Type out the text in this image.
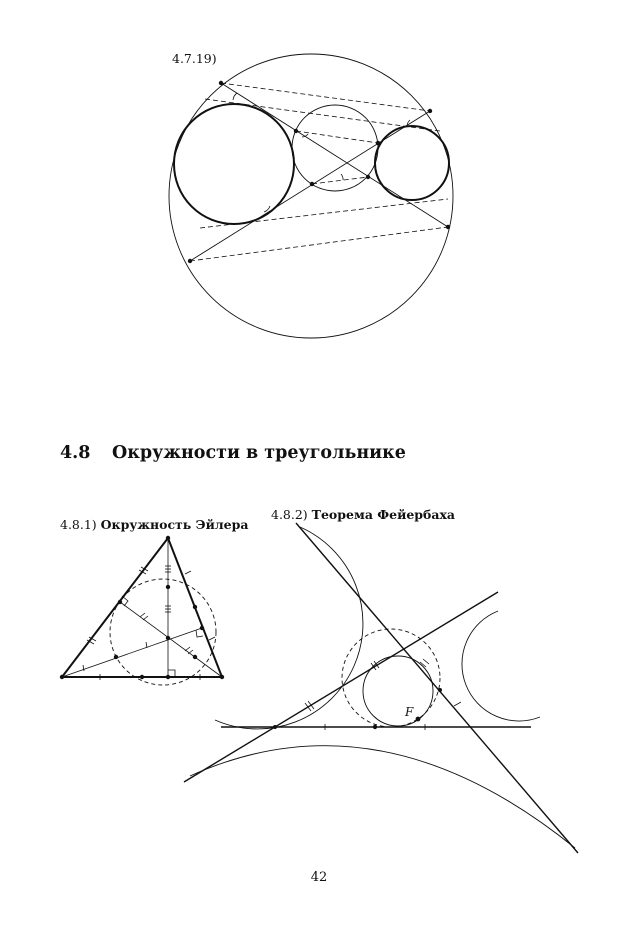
4.7.19)
4.8 Окружности в треугольнике
4.8.1) Окружность Эйлера
4.8.2) Теорема Фейербаха
F
42
